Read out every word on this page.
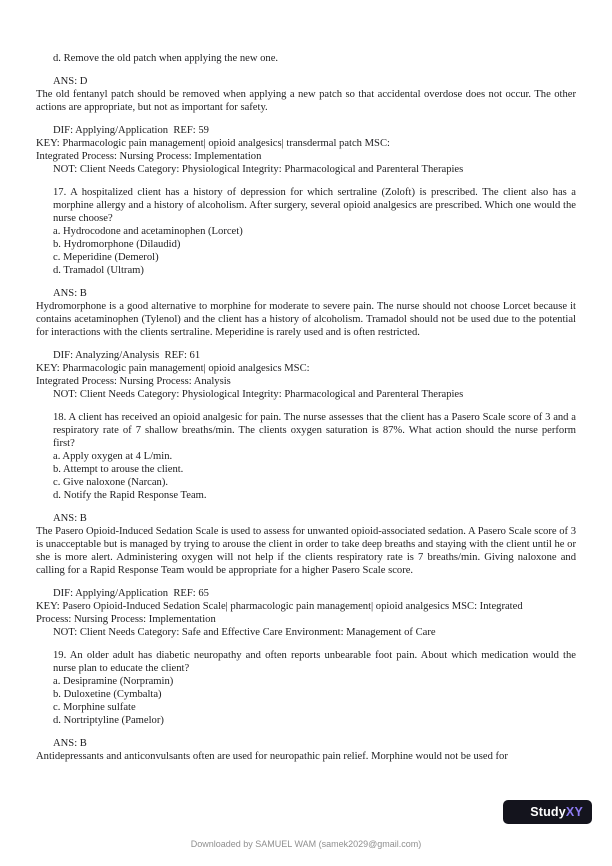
d. Remove the old patch when applying the new one.
ANS: D
The old fentanyl patch should be removed when applying a new patch so that accidental overdose does not occur. The other actions are appropriate, but not as important for safety.
DIF: Applying/Application  REF: 59
KEY: Pharmacologic pain management| opioid analgesics| transdermal patch MSC:
Integrated Process: Nursing Process: Implementation
NOT: Client Needs Category: Physiological Integrity: Pharmacological and Parenteral Therapies
17. A hospitalized client has a history of depression for which sertraline (Zoloft) is prescribed. The client also has a morphine allergy and a history of alcoholism. After surgery, several opioid analgesics are prescribed. Which one would the nurse choose?
a. Hydrocodone and acetaminophen (Lorcet)
b. Hydromorphone (Dilaudid)
c. Meperidine (Demerol)
d. Tramadol (Ultram)
ANS: B
Hydromorphone is a good alternative to morphine for moderate to severe pain. The nurse should not choose Lorcet because it contains acetaminophen (Tylenol) and the client has a history of alcoholism. Tramadol should not be used due to the potential for interactions with the clients sertraline. Meperidine is rarely used and is often restricted.
DIF: Analyzing/Analysis  REF: 61
KEY: Pharmacologic pain management| opioid analgesics MSC:
Integrated Process: Nursing Process: Analysis
NOT: Client Needs Category: Physiological Integrity: Pharmacological and Parenteral Therapies
18. A client has received an opioid analgesic for pain. The nurse assesses that the client has a Pasero Scale score of 3 and a respiratory rate of 7 shallow breaths/min. The clients oxygen saturation is 87%. What action should the nurse perform first?
a. Apply oxygen at 4 L/min.
b. Attempt to arouse the client.
c. Give naloxone (Narcan).
d. Notify the Rapid Response Team.
ANS: B
The Pasero Opioid-Induced Sedation Scale is used to assess for unwanted opioid-associated sedation. A Pasero Scale score of 3 is unacceptable but is managed by trying to arouse the client in order to take deep breaths and staying with the client until he or she is more alert. Administering oxygen will not help if the clients respiratory rate is 7 breaths/min. Giving naloxone and calling for a Rapid Response Team would be appropriate for a higher Pasero Scale score.
DIF: Applying/Application  REF: 65
KEY: Pasero Opioid-Induced Sedation Scale| pharmacologic pain management| opioid analgesics MSC: Integrated
Process: Nursing Process: Implementation
NOT: Client Needs Category: Safe and Effective Care Environment: Management of Care
19. An older adult has diabetic neuropathy and often reports unbearable foot pain. About which medication would the nurse plan to educate the client?
a. Desipramine (Norpramin)
b. Duloxetine (Cymbalta)
c. Morphine sulfate
d. Nortriptyline (Pamelor)
ANS: B
Antidepressants and anticonvulsants often are used for neuropathic pain relief. Morphine would not be used for
StudyXY
Downloaded by SAMUEL WAM (samek2029@gmail.com)
